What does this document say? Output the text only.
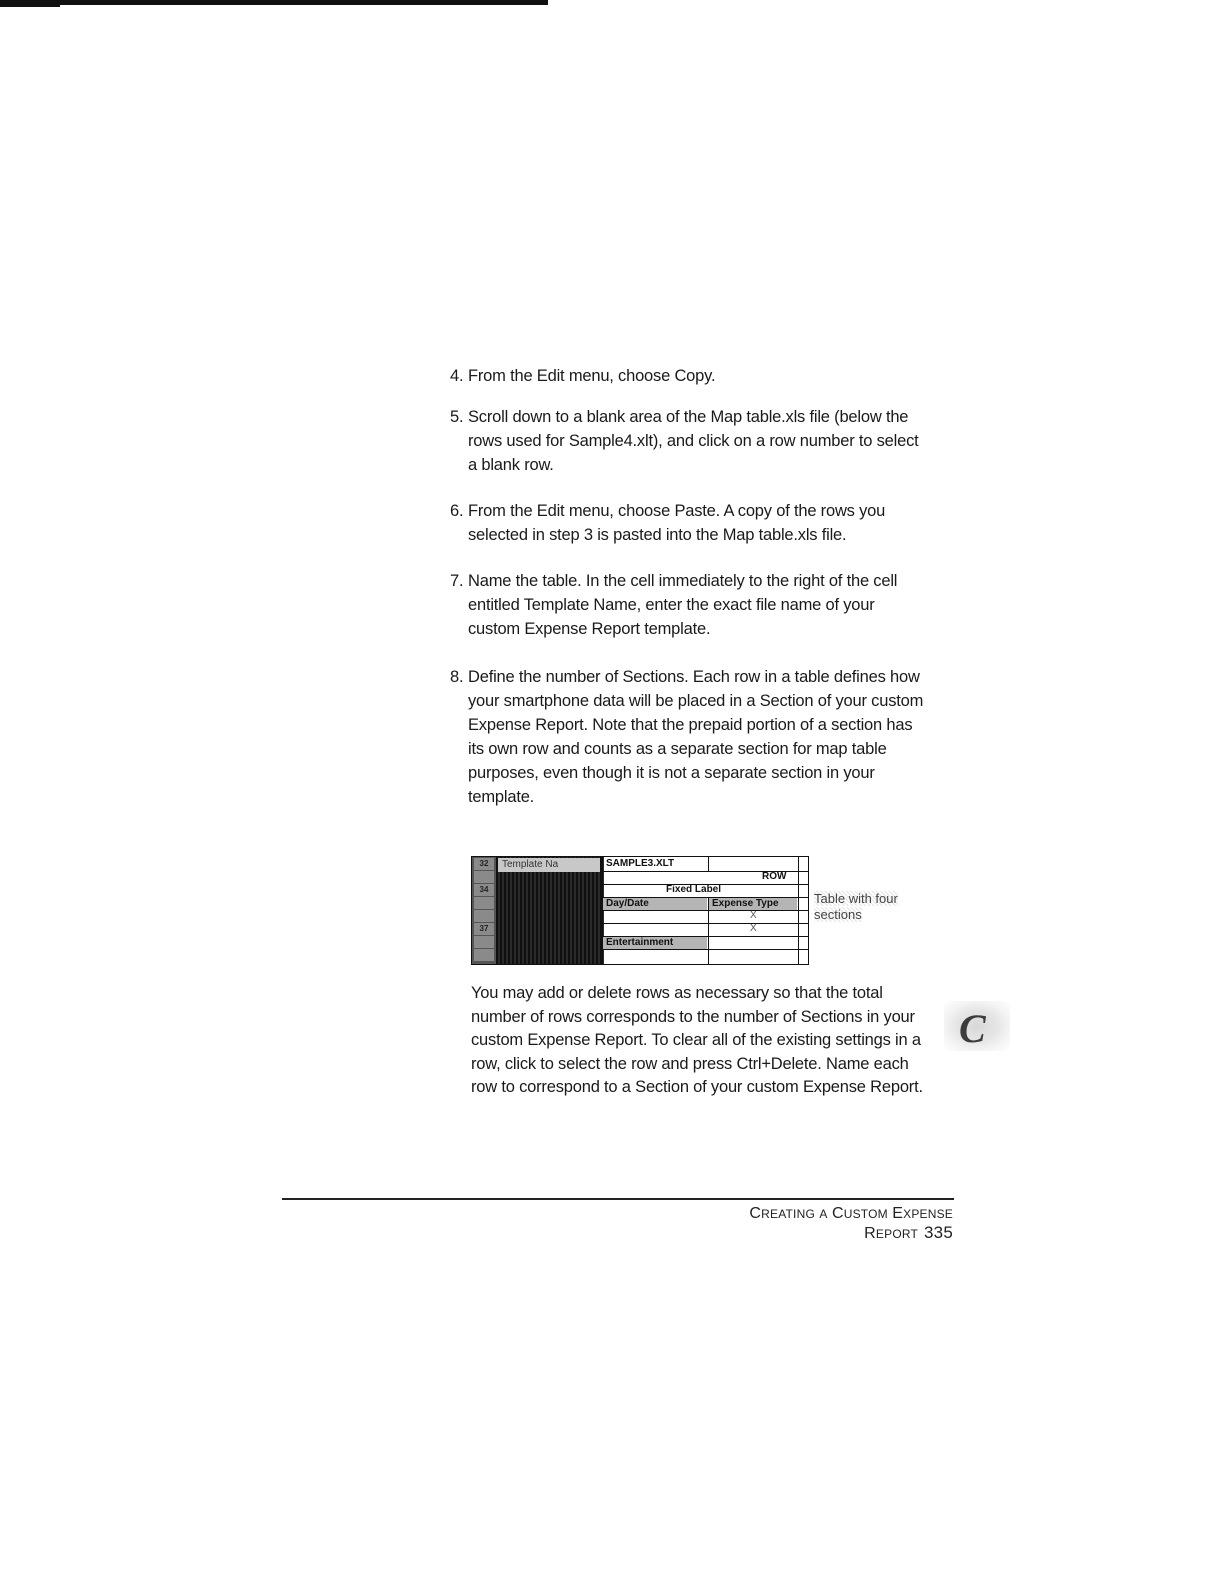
4. From the Edit menu, choose Copy.
5. Scroll down to a blank area of the Map table.xls file (below the rows used for Sample4.xlt), and click on a row number to select a blank row.
6. From the Edit menu, choose Paste. A copy of the rows you selected in step 3 is pasted into the Map table.xls file.
7. Name the table. In the cell immediately to the right of the cell entitled Template Name, enter the exact file name of your custom Expense Report template.
8. Define the number of Sections. Each row in a table defines how your smartphone data will be placed in a Section of your custom Expense Report. Note that the prepaid portion of a section has its own row and counts as a separate section for map table purposes, even though it is not a separate section in your template.
32
34
37
Template Na	SAMPLE3.XLT
ROW
Fixed Label
Day/Date	Expense Type
X
X
Entertainment
Table with four
sections
You may add or delete rows as necessary so that the total number of rows corresponds to the number of Sections in your custom Expense Report. To clear all of the existing settings in a row, click to select the row and press Ctrl+Delete. Name each row to correspond to a Section of your custom Expense Report.
C
CREATING A CUSTOM EXPENSE REPORT 335
